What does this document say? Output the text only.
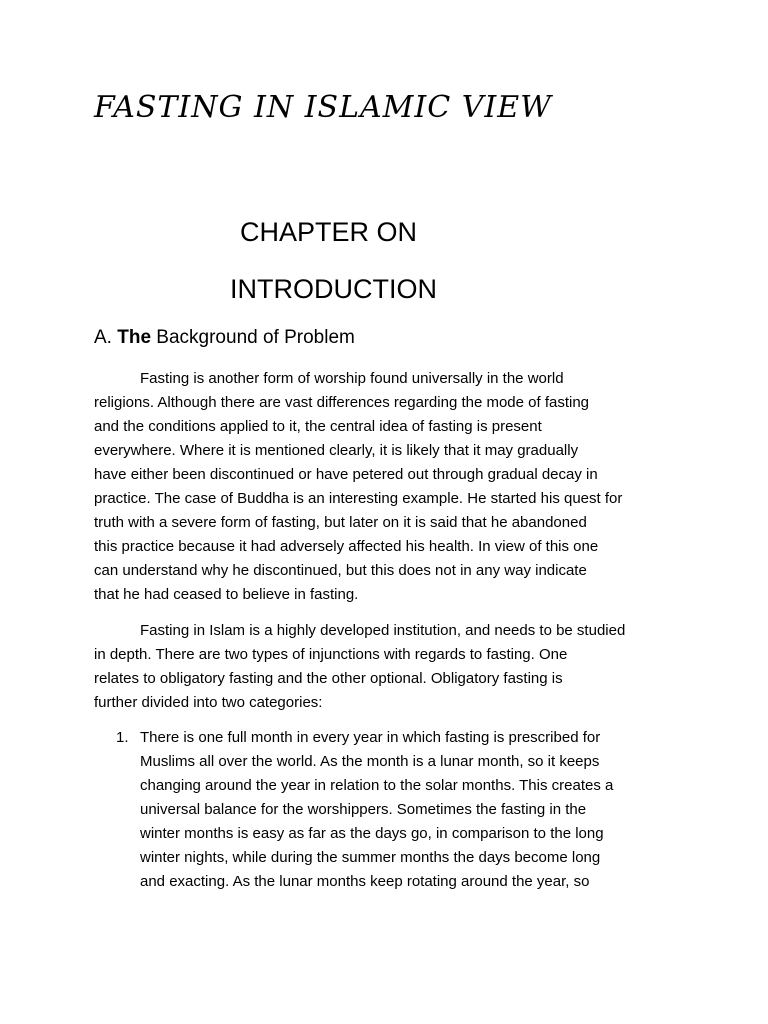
FASTING IN ISLAMIC VIEW
CHAPTER ON
INTRODUCTION
A. The Background of Problem
Fasting is another form of worship found universally in the world
religions. Although there are vast differences regarding the mode of fasting
and the conditions applied to it, the central idea of fasting is present
everywhere. Where it is mentioned clearly, it is likely that it may gradually
have either been discontinued or have petered out through gradual decay in
practice. The case of Buddha is an interesting example. He started his quest for
truth with a severe form of fasting, but later on it is said that he abandoned
this practice because it had adversely affected his health. In view of this one
can understand why he discontinued, but this does not in any way indicate
that he had ceased to believe in fasting.
Fasting in Islam is a highly developed institution, and needs to be studied
in depth. There are two types of injunctions with regards to fasting. One
relates to obligatory fasting and the other optional. Obligatory fasting is
further divided into two categories:
1. There is one full month in every year in which fasting is prescribed for
Muslims all over the world. As the month is a lunar month, so it keeps
changing around the year in relation to the solar months. This creates a
universal balance for the worshippers. Sometimes the fasting in the
winter months is easy as far as the days go, in comparison to the long
winter nights, while during the summer months the days become long
and exacting. As the lunar months keep rotating around the year, so
